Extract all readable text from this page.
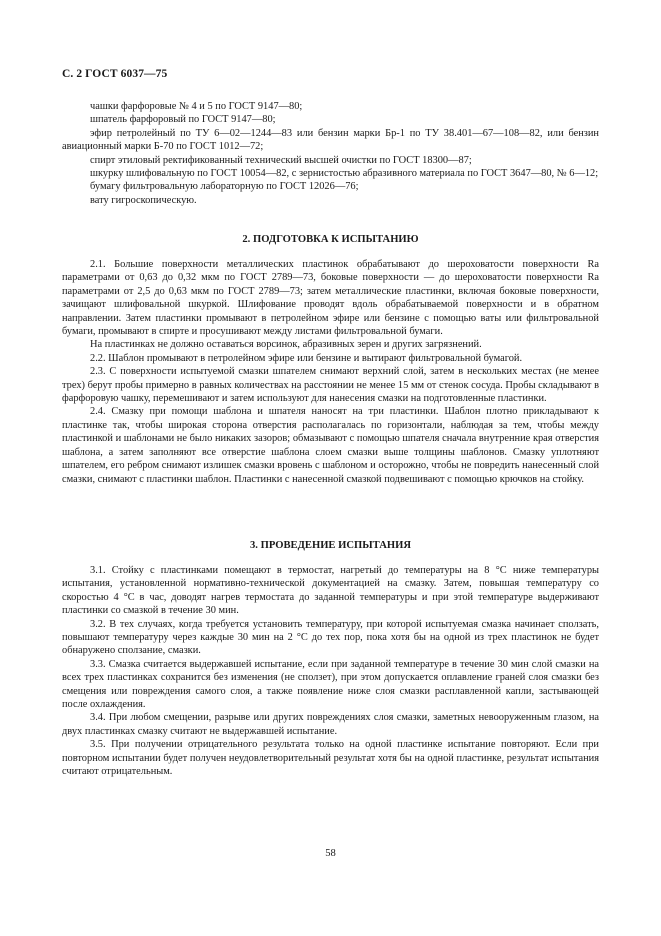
С. 2 ГОСТ 6037—75

чашки фарфоровые № 4 и 5 по ГОСТ 9147—80;

шпатель фарфоровый по ГОСТ 9147—80;

эфир петролейный по ТУ 6—02—1244—83 или бензин марки Бр-1 по ТУ 38.401—67—108—82, или бензин авиационный марки Б-70 по ГОСТ 1012—72;

спирт этиловый ректификованный технический высшей очистки по ГОСТ 18300—87;

шкурку шлифовальную по ГОСТ 10054—82, с зернистостью абразивного материала по ГОСТ 3647—80, № 6—12;

бумагу фильтровальную лабораторную по ГОСТ 12026—76;

вату гигроскопическую.

2. ПОДГОТОВКА К ИСПЫТАНИЮ

2.1. Большие поверхности металлических пластинок обрабатывают до шероховатости поверхности Ra параметрами от 0,63 до 0,32 мкм по ГОСТ 2789—73, боковые поверхности — до шероховатости поверхности Ra параметрами от 2,5 до 0,63 мкм по ГОСТ 2789—73; затем металлические пластинки, включая боковые поверхности, зачищают шлифовальной шкуркой. Шлифование проводят вдоль обрабатываемой поверхности и в обратном направлении. Затем пластинки промывают в петролейном эфире или бензине с помощью ваты или фильтровальной бумаги, промывают в спирте и просушивают между листами фильтровальной бумаги.

На пластинках не должно оставаться ворсинок, абразивных зерен и других загрязнений.

2.2. Шаблон промывают в петролейном эфире или бензине и вытирают фильтровальной бумагой.

2.3. С поверхности испытуемой смазки шпателем снимают верхний слой, затем в нескольких местах (не менее трех) берут пробы примерно в равных количествах на расстоянии не менее 15 мм от стенок сосуда. Пробы складывают в фарфоровую чашку, перемешивают и затем используют для нанесения смазки на подготовленные пластинки.

2.4. Смазку при помощи шаблона и шпателя наносят на три пластинки. Шаблон плотно прикладывают к пластинке так, чтобы широкая сторона отверстия располагалась по горизонтали, наблюдая за тем, чтобы между пластинкой и шаблонами не было никаких зазоров; обмазывают с помощью шпателя сначала внутренние края отверстия шаблона, а затем заполняют все отверстие шаблона слоем смазки выше толщины шаблонов. Смазку уплотняют шпателем, его ребром снимают излишек смазки вровень с шаблоном и осторожно, чтобы не повредить нанесенный слой смазки, снимают с пластинки шаблон. Пластинки с нанесенной смазкой подвешивают с помощью крючков на стойку.

3. ПРОВЕДЕНИЕ ИСПЫТАНИЯ

3.1. Стойку с пластинками помещают в термостат, нагретый до температуры на 8 °С ниже температуры испытания, установленной нормативно-технической документацией на смазку. Затем, повышая температуру со скоростью 4 °С в час, доводят нагрев термостата до заданной температуры и при этой температуре выдерживают пластинки со смазкой в течение 30 мин.

3.2. В тех случаях, когда требуется установить температуру, при которой испытуемая смазка начинает сползать, повышают температуру через каждые 30 мин на 2 °С до тех пор, пока хотя бы на одной из трех пластинок не будет обнаружено сползание, смазки.

3.3. Смазка считается выдержавшей испытание, если при заданной температуре в течение 30 мин слой смазки на всех трех пластинках сохранится без изменения (не сползет), при этом допускается оплавление граней слоя смазки без смещения или повреждения самого слоя, а также появление ниже слоя смазки расплавленной капли, застывающей после охлаждения.

3.4. При любом смещении, разрыве или других повреждениях слоя смазки, заметных невооруженным глазом, на двух пластинках смазку считают не выдержавшей испытание.

3.5. При получении отрицательного результата только на одной пластинке испытание повторяют. Если при повторном испытании будет получен неудовлетворительный результат хотя бы на одной пластинке, результат испытания считают отрицательным.

58
